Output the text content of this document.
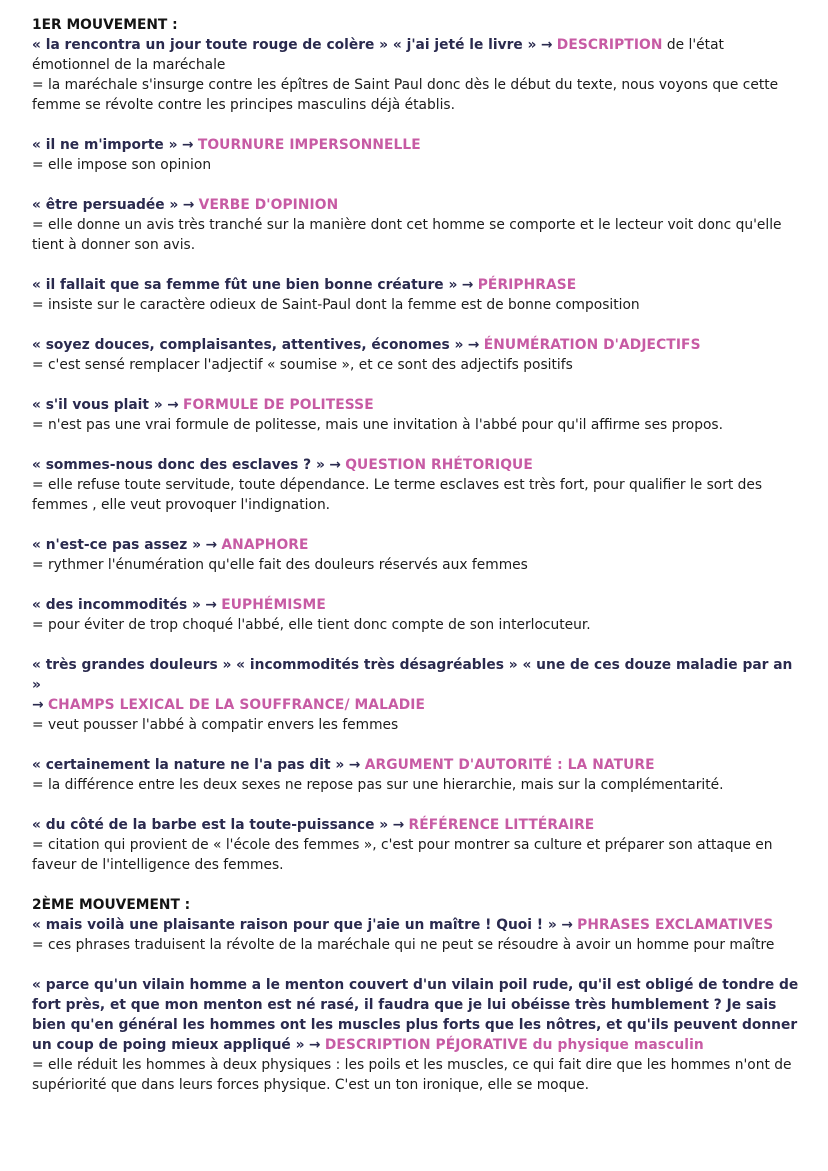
1ER MOUVEMENT :

« la rencontra un jour toute rouge de colère » « j'ai jeté le livre » → DESCRIPTION de l'état émotionnel de la maréchale
= la maréchale s'insurge contre les épîtres de Saint Paul donc dès le début du texte, nous voyons que cette femme se révolte contre les principes masculins déjà établis.
« il ne m'importe » → TOURNURE IMPERSONNELLE
= elle impose son opinion
« être persuadée » → VERBE D'OPINION
= elle donne un avis très tranché sur la manière dont cet homme se comporte et le lecteur voit donc qu'elle tient à donner son avis.
« il fallait que sa femme fût une bien bonne créature » → PÉRIPHRASE
= insiste sur le caractère odieux de Saint-Paul dont la femme est de bonne composition
« soyez douces, complaisantes, attentives, économes » → ÉNUMÉRATION D'ADJECTIFS
= c'est sensé remplacer l'adjectif « soumise », et ce sont des adjectifs positifs
« s'il vous plait » → FORMULE DE POLITESSE
= n'est pas une vrai formule de politesse, mais une invitation à l'abbé pour qu'il affirme ses propos.
« sommes-nous donc des esclaves ? » → QUESTION RHÉTORIQUE
= elle refuse toute servitude, toute dépendance. Le terme esclaves est très fort, pour qualifier le sort des femmes , elle veut provoquer l'indignation.
« n'est-ce pas assez » → ANAPHORE
= rythmer l'énumération qu'elle fait des douleurs réservés aux femmes
« des incommodités » → EUPHÉMISME
= pour éviter de trop choqué l'abbé, elle tient donc compte de son interlocuteur.
« très grandes douleurs » « incommodités très désagréables » « une de ces douze maladie par an »
→ CHAMPS LEXICAL DE LA SOUFFRANCE/ MALADIE
= veut pousser l'abbé à compatir envers les femmes
« certainement la nature ne l'a pas dit » → ARGUMENT D'AUTORITÉ : LA NATURE
= la différence entre les deux sexes ne repose pas sur une hierarchie, mais sur la complémentarité.
« du côté de la barbe est la toute-puissance » → RÉFÉRENCE LITTÉRAIRE
= citation qui provient de « l'école des femmes », c'est pour montrer sa culture et préparer son attaque en faveur de l'intelligence des femmes.

2ÈME MOUVEMENT :

« mais voilà une plaisante raison pour que j'aie un maître ! Quoi ! » → PHRASES EXCLAMATIVES
= ces phrases traduisent la révolte de la maréchale qui ne peut se résoudre à avoir un homme pour maître
« parce qu'un vilain homme a le menton couvert d'un vilain poil rude, qu'il est obligé de tondre de fort près, et que mon menton est né rasé, il faudra que je lui obéisse très humblement ? Je sais bien qu'en général les hommes ont les muscles plus forts que les nôtres, et qu'ils peuvent donner un coup de poing mieux appliqué » → DESCRIPTION PÉJORATIVE du physique masculin
= elle réduit les hommes à deux physiques : les poils et les muscles, ce qui fait dire que les hommes n'ont de supériorité que dans leurs forces physique. C'est un ton ironique, elle se moque.
